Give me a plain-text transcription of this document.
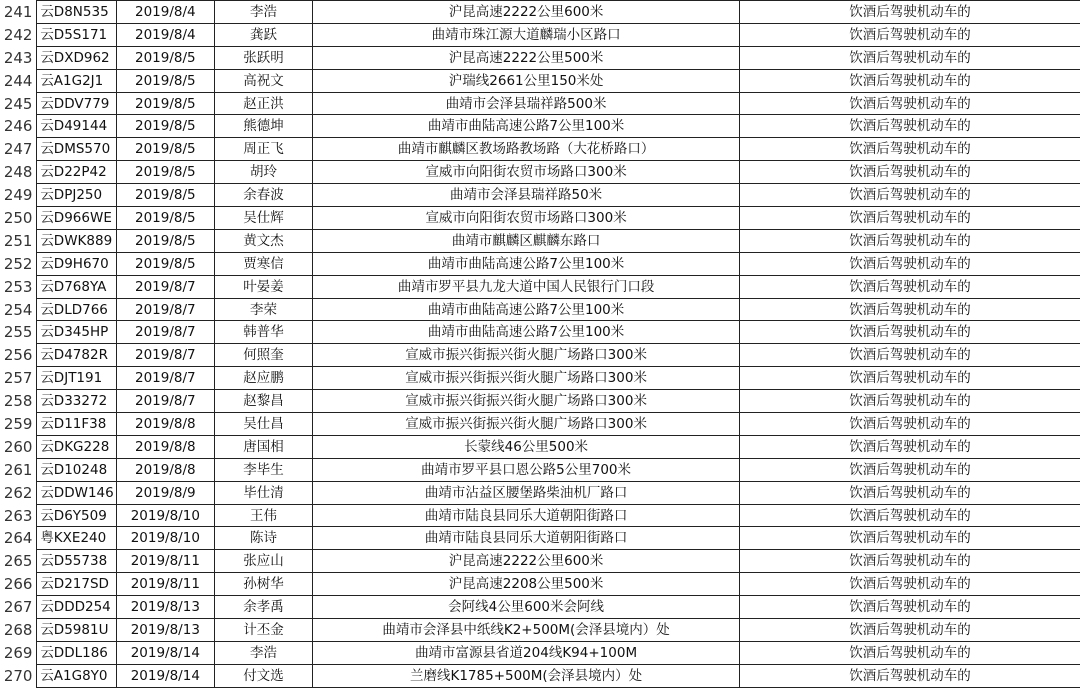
241	云D8N535	2019/8/4	李浩	沪昆高速2222公里600米	饮酒后驾驶机动车的
242	云D5S171	2019/8/4	龚跃	曲靖市珠江源大道麟瑞小区路口	饮酒后驾驶机动车的
243	云DXD962	2019/8/5	张跃明	沪昆高速2222公里500米	饮酒后驾驶机动车的
244	云A1G2J1	2019/8/5	高祝文	沪瑞线2661公里150米处	饮酒后驾驶机动车的
245	云DDV779	2019/8/5	赵正洪	曲靖市会泽县瑞祥路500米	饮酒后驾驶机动车的
246	云D49144	2019/8/5	熊德坤	曲靖市曲陆高速公路7公里100米	饮酒后驾驶机动车的
247	云DMS570	2019/8/5	周正飞	曲靖市麒麟区教场路教场路（大花桥路口）	饮酒后驾驶机动车的
248	云D22P42	2019/8/5	胡玲	宣威市向阳街农贸市场路口300米	饮酒后驾驶机动车的
249	云DPJ250	2019/8/5	余春波	曲靖市会泽县瑞祥路50米	饮酒后驾驶机动车的
250	云D966WE	2019/8/5	吴仕辉	宣威市向阳街农贸市场路口300米	饮酒后驾驶机动车的
251	云DWK889	2019/8/5	黄文杰	曲靖市麒麟区麒麟东路口	饮酒后驾驶机动车的
252	云D9H670	2019/8/5	贾寒信	曲靖市曲陆高速公路7公里100米	饮酒后驾驶机动车的
253	云D768YA	2019/8/7	叶晏姜	曲靖市罗平县九龙大道中国人民银行门口段	饮酒后驾驶机动车的
254	云DLD766	2019/8/7	李荣	曲靖市曲陆高速公路7公里100米	饮酒后驾驶机动车的
255	云D345HP	2019/8/7	韩普华	曲靖市曲陆高速公路7公里100米	饮酒后驾驶机动车的
256	云D4782R	2019/8/7	何照奎	宣威市振兴街振兴街火腿广场路口300米	饮酒后驾驶机动车的
257	云DJT191	2019/8/7	赵应鹏	宣威市振兴街振兴街火腿广场路口300米	饮酒后驾驶机动车的
258	云D33272	2019/8/7	赵黎昌	宣威市振兴街振兴街火腿广场路口300米	饮酒后驾驶机动车的
259	云D11F38	2019/8/8	吴仕昌	宣威市振兴街振兴街火腿广场路口300米	饮酒后驾驶机动车的
260	云DKG228	2019/8/8	唐国相	长蒙线46公里500米	饮酒后驾驶机动车的
261	云D10248	2019/8/8	李毕生	曲靖市罗平县口恩公路5公里700米	饮酒后驾驶机动车的
262	云DDW146	2019/8/9	毕仕清	曲靖市沾益区腰堡路柴油机厂路口	饮酒后驾驶机动车的
263	云D6Y509	2019/8/10	王伟	曲靖市陆良县同乐大道朝阳街路口	饮酒后驾驶机动车的
264	粤KXE240	2019/8/10	陈诗	曲靖市陆良县同乐大道朝阳街路口	饮酒后驾驶机动车的
265	云D55738	2019/8/11	张应山	沪昆高速2222公里600米	饮酒后驾驶机动车的
266	云D217SD	2019/8/11	孙树华	沪昆高速2208公里500米	饮酒后驾驶机动车的
267	云DDD254	2019/8/13	余孝禹	会阿线4公里600米会阿线	饮酒后驾驶机动车的
268	云D5981U	2019/8/13	计丕金	曲靖市会泽县中纸线K2+500M(会泽县境内）处	饮酒后驾驶机动车的
269	云DDL186	2019/8/14	李浩	曲靖市富源县省道204线K94+100M	饮酒后驾驶机动车的
270	云A1G8Y0	2019/8/14	付文选	兰磨线K1785+500M(会泽县境内）处	饮酒后驾驶机动车的
